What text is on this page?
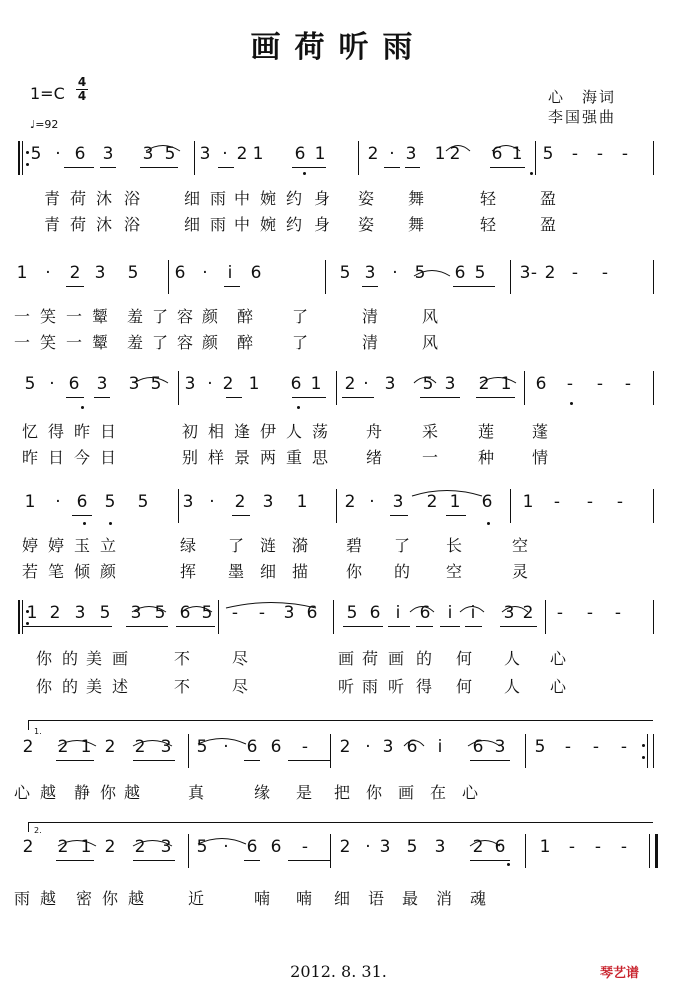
画荷听雨
1=C
4
4
♩=92
心　海词
李国强曲
5 · 6 3 3 5 3 · 2 1 6 1 2 · 3 1 2 6 1 5 - - -
青 荷 沐 浴	细 雨 中 婉 约 身 姿 舞	轻	盈
青 荷 沐 浴	细 雨 中 婉 约 身 姿 舞	轻	盈
1 · 2 3 5 6 · i 6	5 3 · 5 6 5 3 2 - -
-
一 笑 一 颦 羞 了 容 颜 醉 了	清	风
一 笑 一 颦 羞 了 容 颜 醉 了	清	风
5 · 6 3 3 5 3 · 2 1 6 1 2 · 3 5 3 2 1 6 - - -
忆 得 昨 日	初 相 逢 伊 人 荡 舟 采 莲 蓬
昨 日 今 日	别 样 景 两 重 思 绪 一 种 情
1 · 6 5 5 3 · 2 3 1 2 · 3 2 1 6 1 - - -
婷 婷 玉 立	绿 了 涟 漪 碧 了 长	空
若 笔 倾 颜	挥 墨 细 描 你 的 空	灵
1 2 3 5 3 5 6 5 - - 3 6 5 6 i 6 i i 3 2 - - -
你 的 美 画	不	尽	画 荷 画 的 何 人 心
你 的 美 述	不	尽	听 雨 听 得 何 人 心
2 2 1 2 2 3 5 · 6 6 - 2 · 3 6 i 6 3 5 - - -
心 越 静 你 越	真	缘 是 把 你 画 在 心
2 2 1 2 2 3 5 · 6 6 - 2 · 3 5 3 2 6 1 - - -
雨 越 密 你 越	近	喃 喃 细 语 最 消 魂
1.
2.
2012. 8. 31.	琴艺谱
